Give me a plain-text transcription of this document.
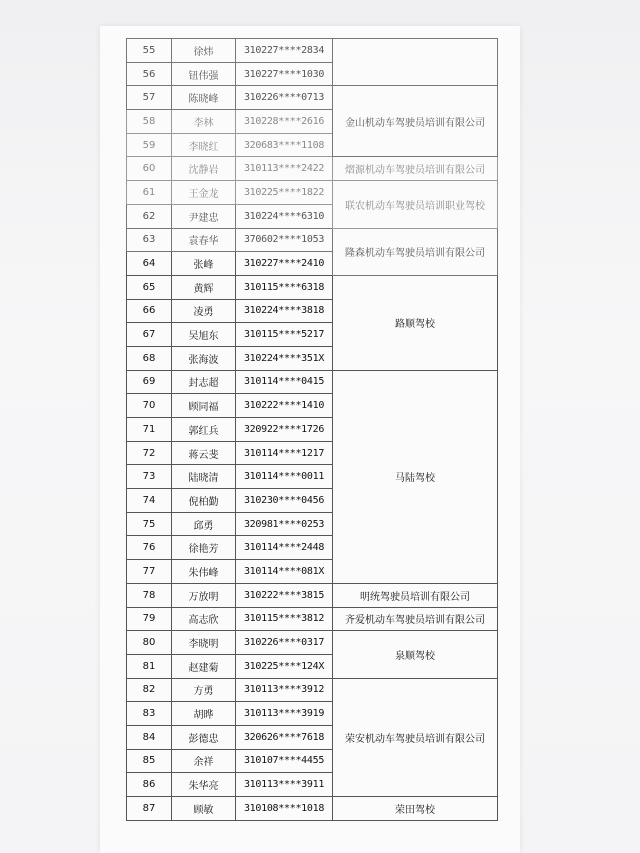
55	徐炜	310227****2834	
56	钮伟强	310227****1030	
57	陈晓峰	310226****0713	金山机动车驾驶员培训有限公司
58	李林	310228****2616	
59	李晓红	320683****1108	
60	沈静岩	310113****2422	熠源机动车驾驶员培训有限公司
61	王金龙	310225****1822	联农机动车驾驶员培训职业驾校
62	尹建忠	310224****6310	
63	袁春华	370602****1053	隆森机动车驾驶员培训有限公司
64	张峰	310227****2410	
65	黄辉	310115****6318	路顺驾校
66	凌勇	310224****3818	
67	吴旭东	310115****5217	
68	张海波	310224****351X	
69	封志超	310114****0415	马陆驾校
70	顾同福	310222****1410	
71	郭红兵	320922****1726	
72	蒋云斐	310114****1217	
73	陆晓清	310114****0011	
74	倪柏勤	310230****0456	
75	邱勇	320981****0253	
76	徐艳芳	310114****2448	
77	朱伟峰	310114****081X	
78	万放明	310222****3815	明统驾驶员培训有限公司
79	高志欣	310115****3812	齐爱机动车驾驶员培训有限公司
80	李晓明	310226****0317	泉顺驾校
81	赵建菊	310225****124X	
82	方勇	310113****3912	荣安机动车驾驶员培训有限公司
83	胡晔	310113****3919	
84	彭德忠	320626****7618	
85	余祥	310107****4455	
86	朱华亮	310113****3911	
87	顾敏	310108****1018	荣田驾校
